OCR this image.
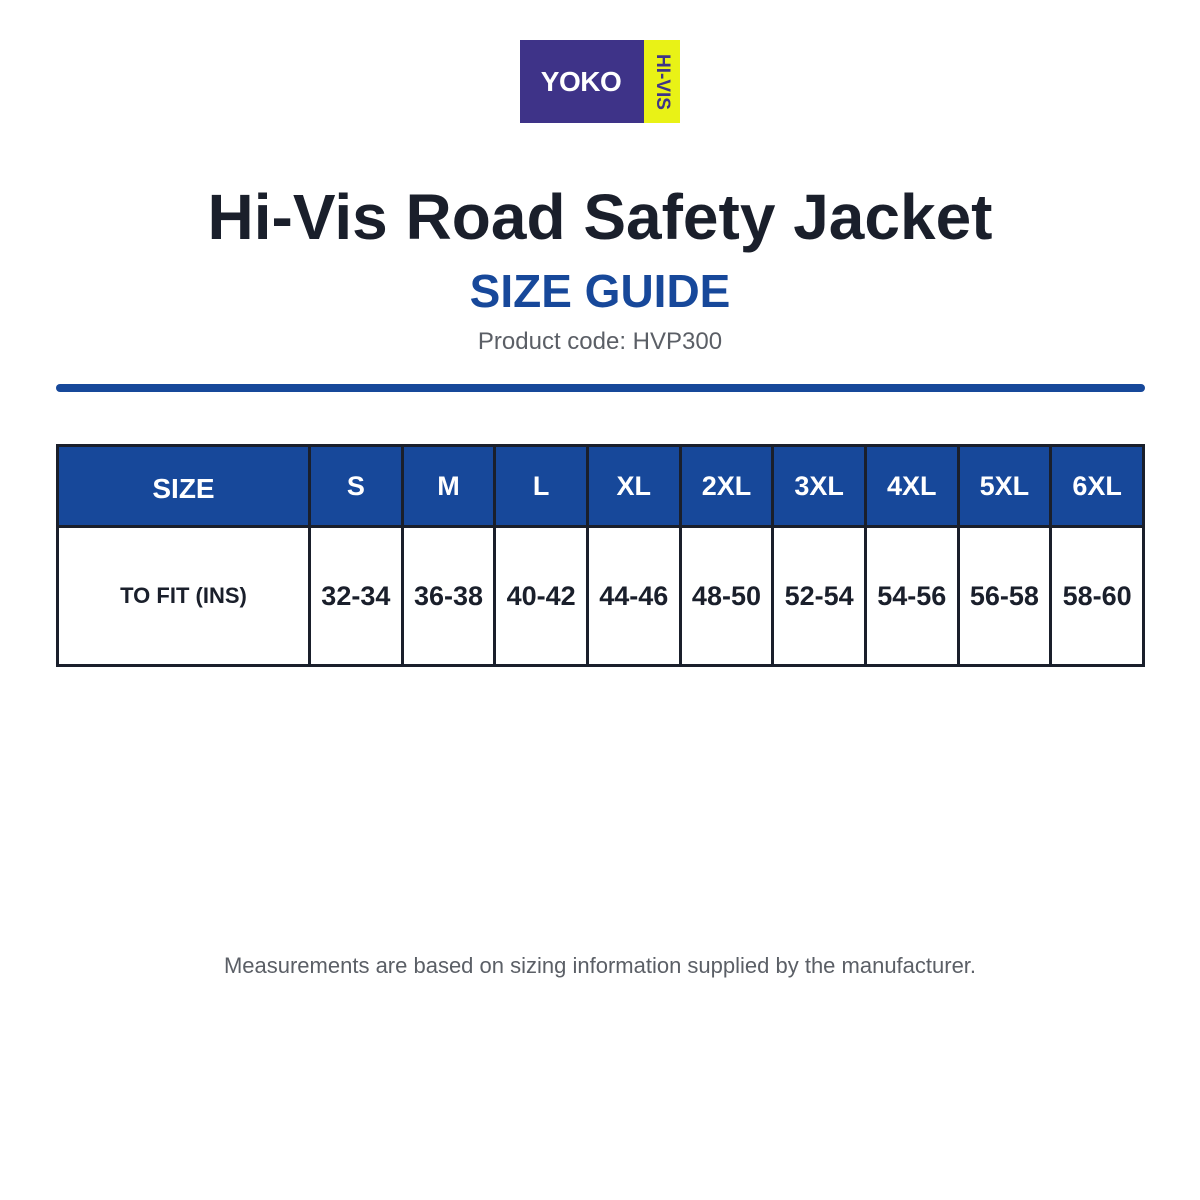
YOKO HI-VIS
Hi-Vis Road Safety Jacket
SIZE GUIDE
Product code: HVP300
SIZE	S	M	L	XL	2XL	3XL	4XL	5XL	6XL
TO FIT (INS)	32-34	36-38	40-42	44-46	48-50	52-54	54-56	56-58	58-60

Measurements are based on sizing information supplied by the manufacturer.
